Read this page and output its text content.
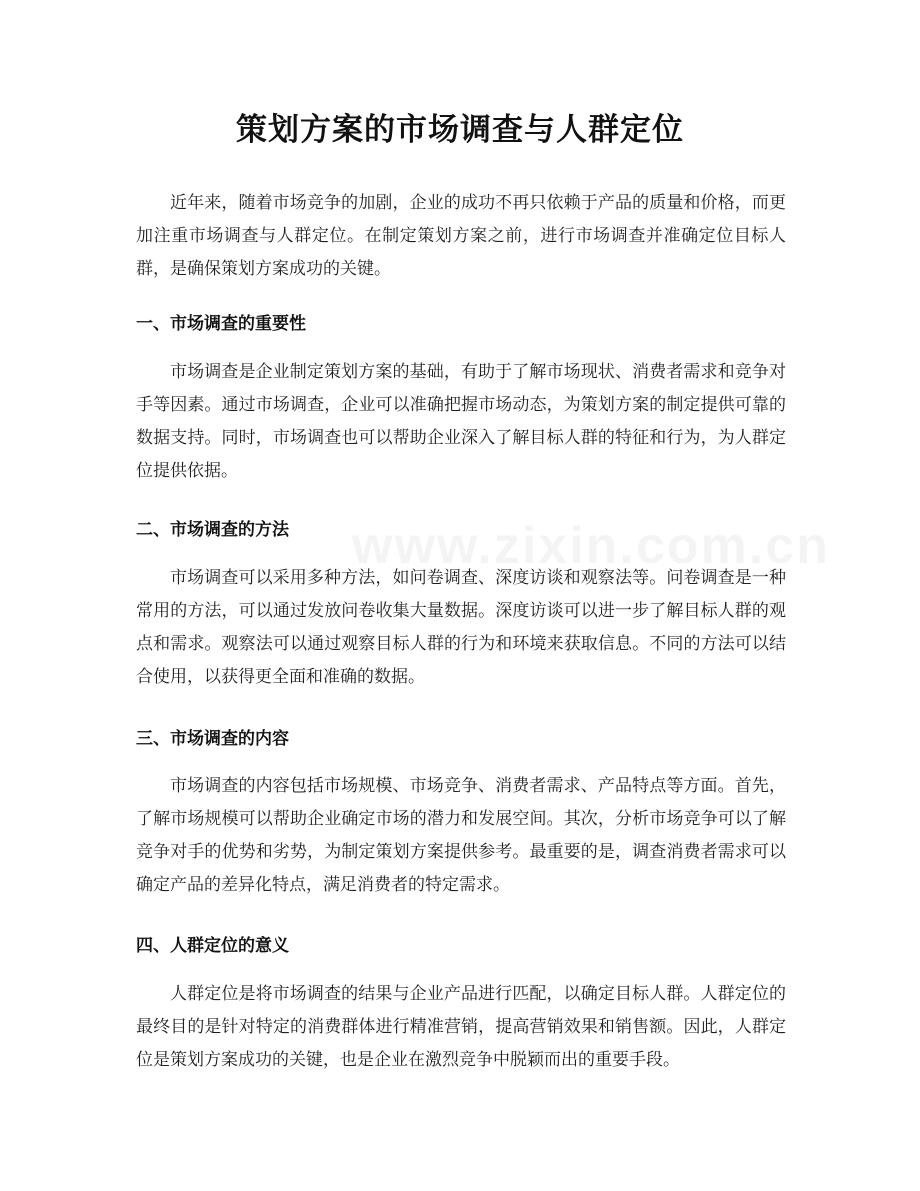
策划方案的市场调查与人群定位

近年来，随着市场竞争的加剧，企业的成功不再只依赖于产品的质量和价格，而更加注重市场调查与人群定位。在制定策划方案之前，进行市场调查并准确定位目标人群，是确保策划方案成功的关键。

一、市场调查的重要性

市场调查是企业制定策划方案的基础，有助于了解市场现状、消费者需求和竞争对手等因素。通过市场调查，企业可以准确把握市场动态，为策划方案的制定提供可靠的数据支持。同时，市场调查也可以帮助企业深入了解目标人群的特征和行为，为人群定位提供依据。

二、市场调查的方法

市场调查可以采用多种方法，如问卷调查、深度访谈和观察法等。问卷调查是一种常用的方法，可以通过发放问卷收集大量数据。深度访谈可以进一步了解目标人群的观点和需求。观察法可以通过观察目标人群的行为和环境来获取信息。不同的方法可以结合使用，以获得更全面和准确的数据。

三、市场调查的内容

市场调查的内容包括市场规模、市场竞争、消费者需求、产品特点等方面。首先，了解市场规模可以帮助企业确定市场的潜力和发展空间。其次，分析市场竞争可以了解竞争对手的优势和劣势，为制定策划方案提供参考。最重要的是，调查消费者需求可以确定产品的差异化特点，满足消费者的特定需求。

四、人群定位的意义

人群定位是将市场调查的结果与企业产品进行匹配，以确定目标人群。人群定位的最终目的是针对特定的消费群体进行精准营销，提高营销效果和销售额。因此，人群定位是策划方案成功的关键，也是企业在激烈竞争中脱颖而出的重要手段。
